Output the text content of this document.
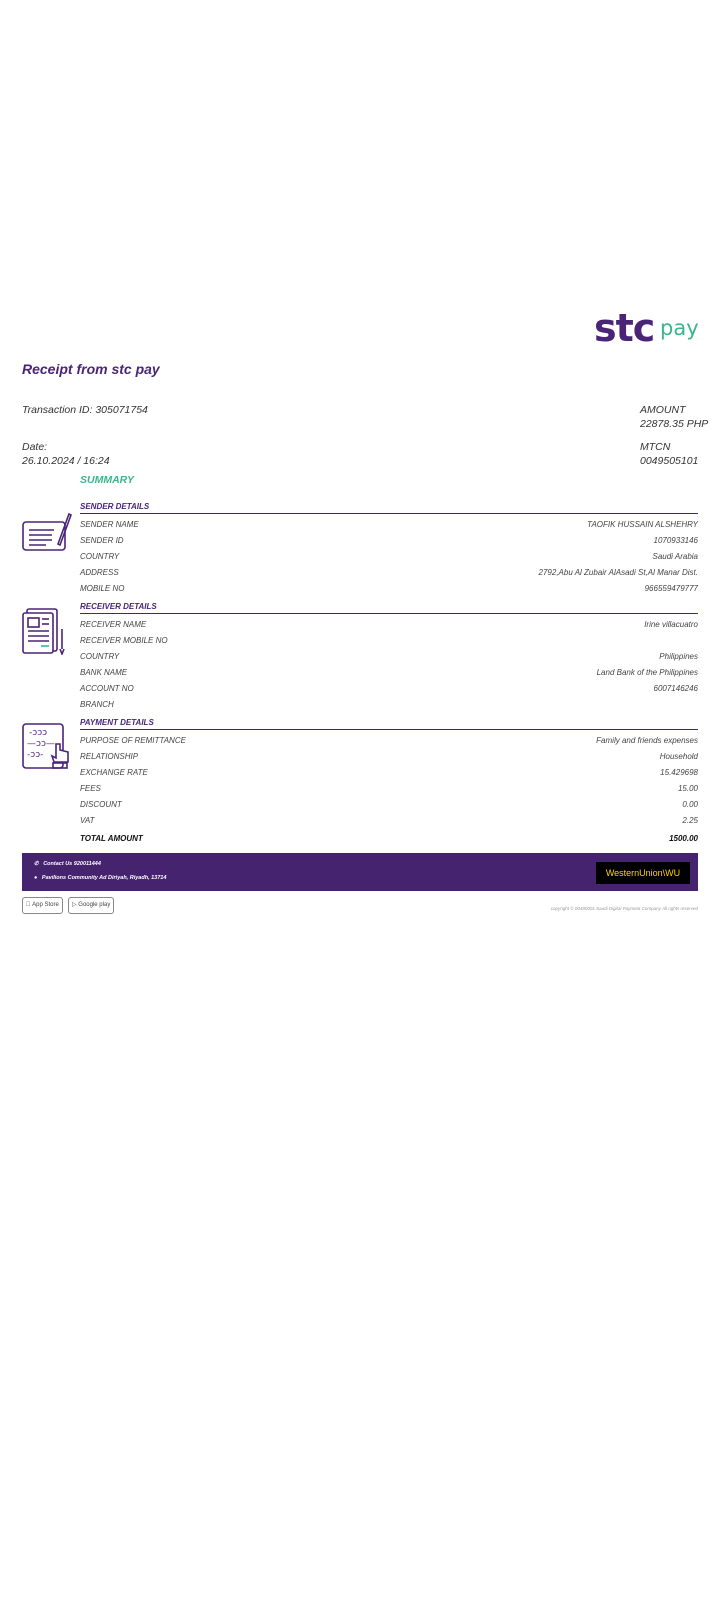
stc pay
Receipt from stc pay
Transaction ID: 305071754	AMOUNT
22878.35 PHP
Date:
26.10.2024 / 16:24
MTCN
0049505101
SUMMARY
SENDER DETAILS
SENDER NAME	TAOFIK HUSSAIN ALSHEHRY
SENDER ID	1070933146
COUNTRY	Saudi Arabia
ADDRESS	2792,Abu Al Zubair AlAsadi St,Al Manar Dist.
MOBILE NO	966559479777
RECEIVER DETAILS
RECEIVER NAME	Irine villacuatro
RECEIVER MOBILE NO
COUNTRY	Philippines
BANK NAME	Land Bank of the Philippines
ACCOUNT NO	6007146246
BRANCH
-ɔɔɔ
—ɔɔ—
-ɔɔ-
PAYMENT DETAILS
PURPOSE OF REMITTANCE	Family and friends expenses
RELATIONSHIP	Household
EXCHANGE RATE	15.429698
FEES	15.00
DISCOUNT	0.00
VAT	2.25
TOTAL AMOUNT	1500.00
✆ Contact Us 920011444
● Pavilions Community Ad Diriyah, Riyadh, 13714	WesternUnion\WU
App Store	▷ Google play
copyright © 00490001 Saudi Digital Payment Company All rights reserved
